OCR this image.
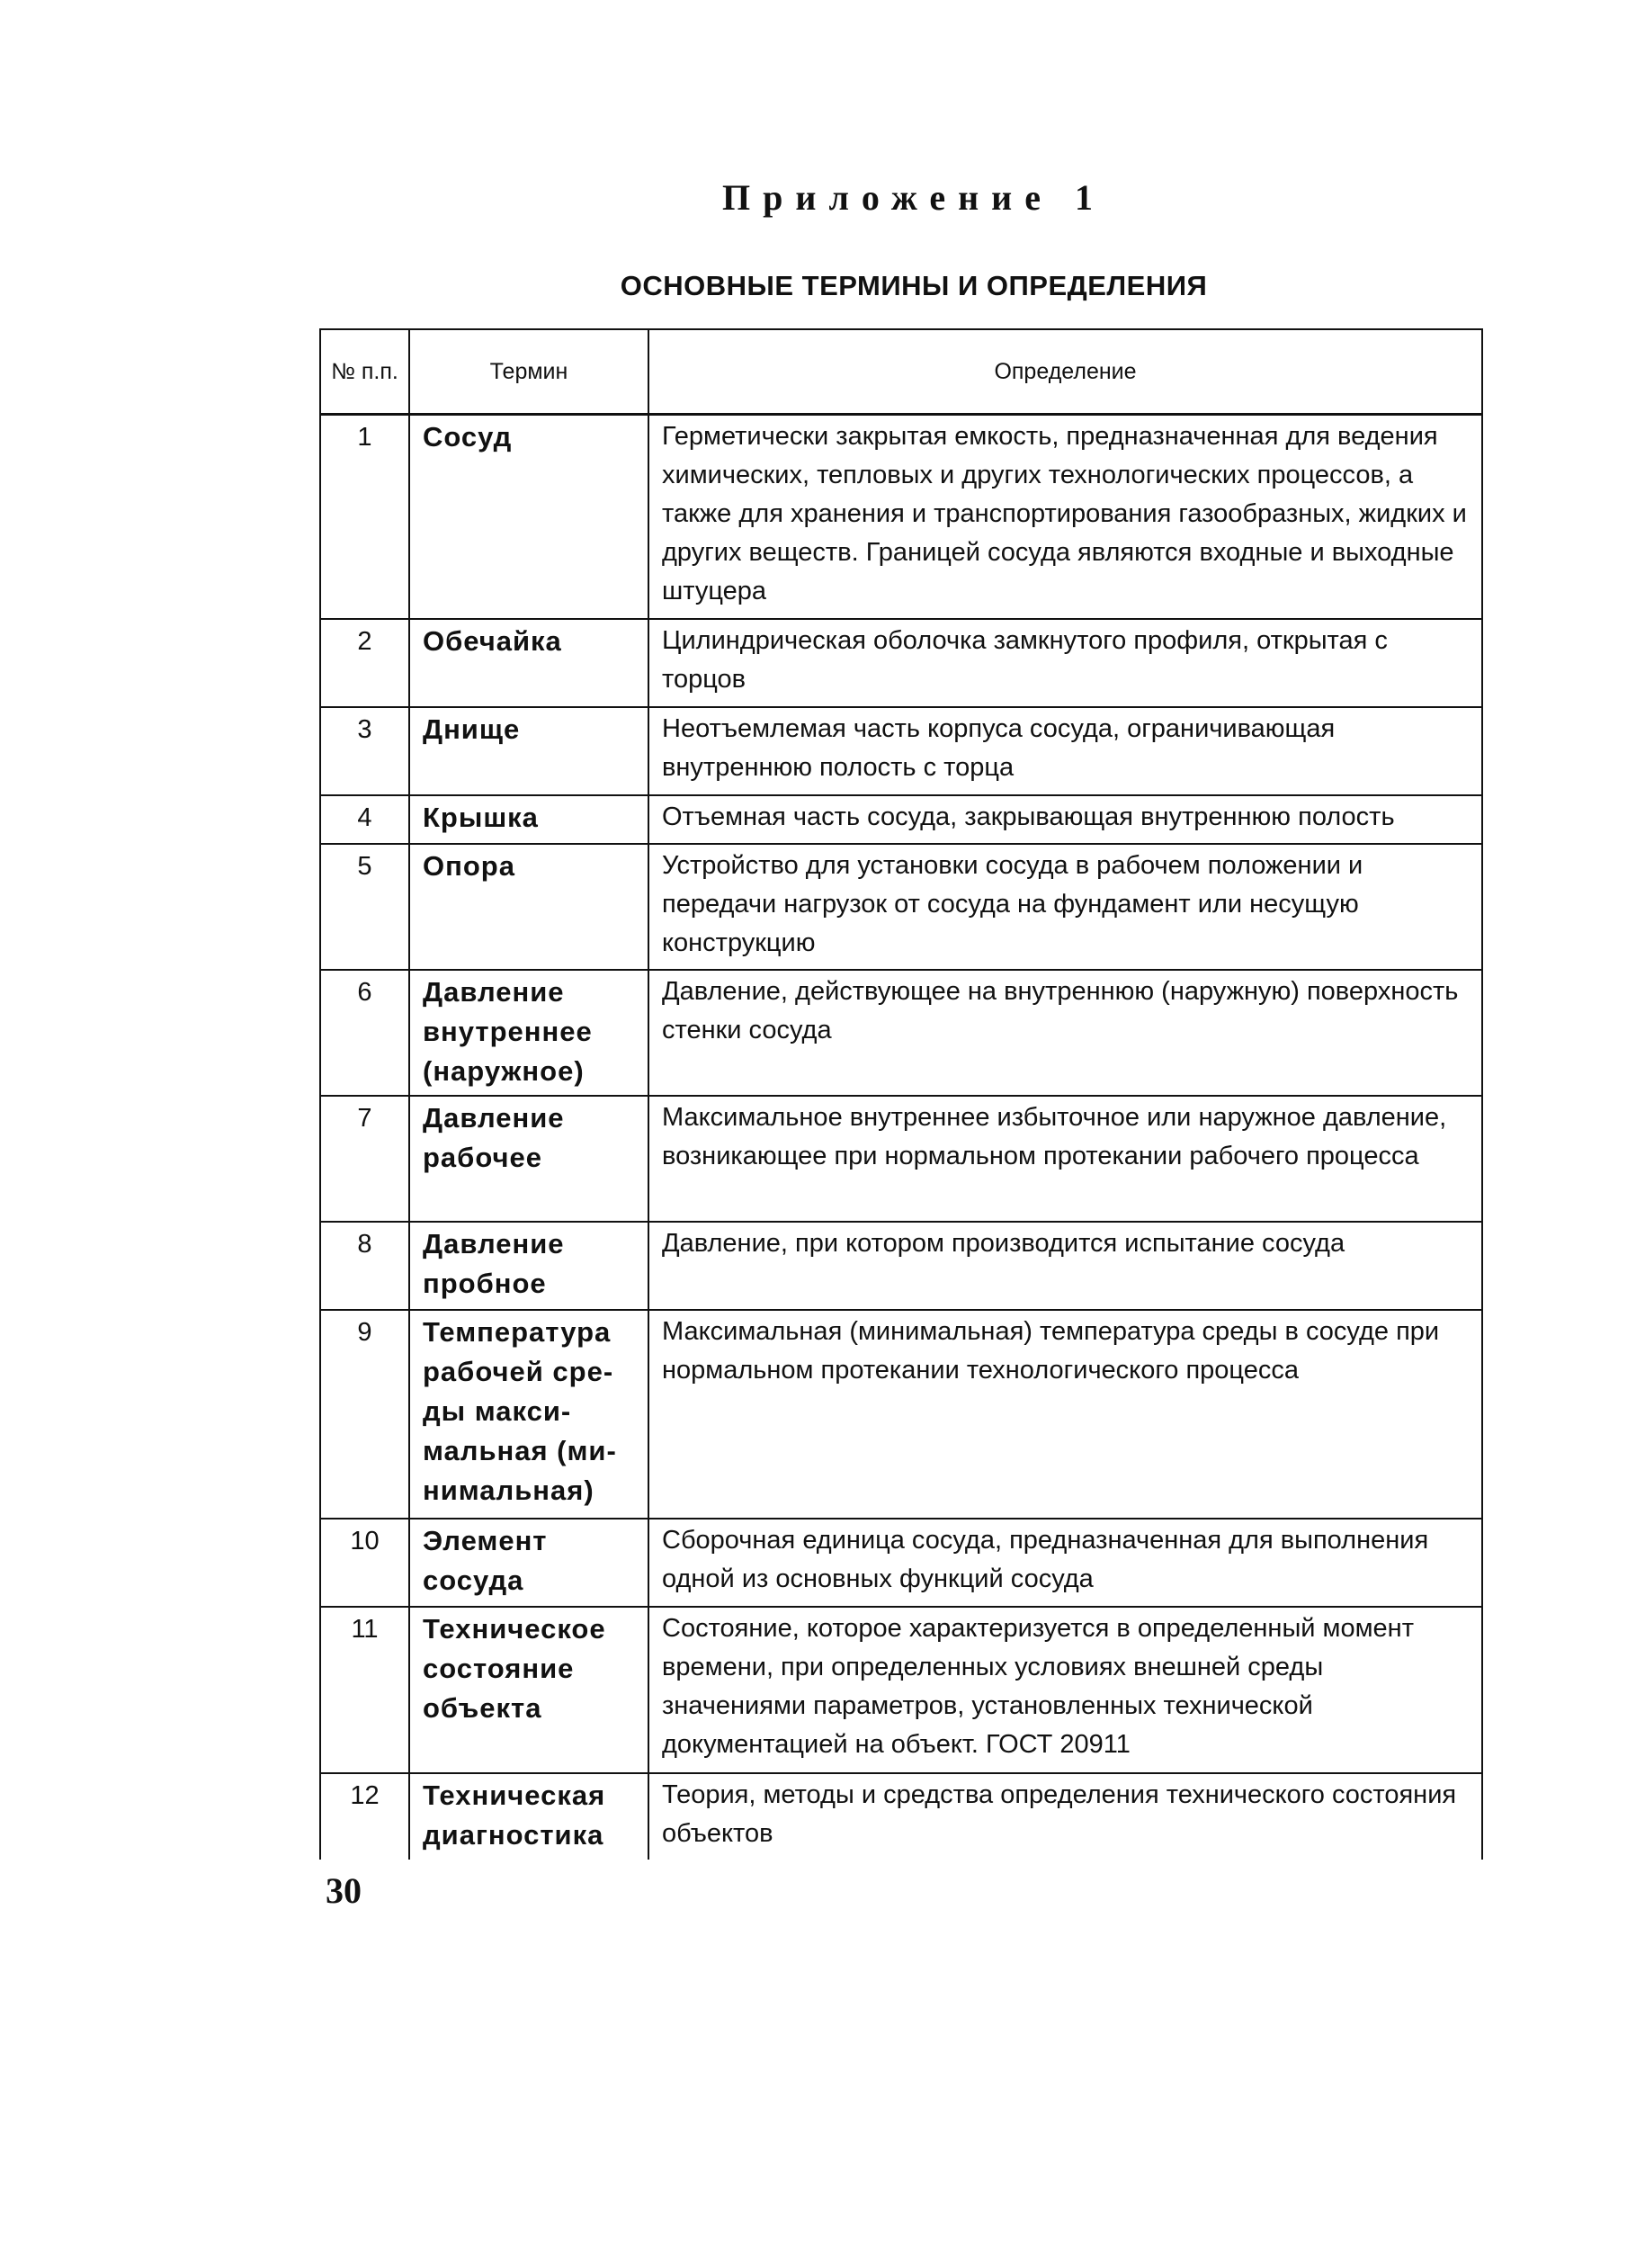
Приложение 1
ОСНОВНЫЕ ТЕРМИНЫ И ОПРЕДЕЛЕНИЯ
№ п.п.	Термин	Определение
1	Сосуд	Герметически закрытая емкость, предназначенная для ведения химических, тепловых и других технологических процессов, а также для хранения и транспортирования газообразных, жидких и других веществ. Границей сосуда являются входные и выходные штуцера
2	Обечайка	Цилиндрическая оболочка замкнутого профиля, открытая с торцов
3	Днище	Неотъемлемая часть корпуса сосуда, ограничивающая внутреннюю полость с торца
4	Крышка	Отъемная часть сосуда, закрывающая внутреннюю полость
5	Опора	Устройство для установки сосуда в рабочем положении и передачи нагрузок от сосуда на фундамент или несущую конструкцию
6	Давление внутреннее (наружное)	Давление, действующее на внутреннюю (наружную) поверхность стенки сосуда
7	Давление рабочее	Максимальное внутреннее избыточное или наружное давление, возникающее при нормальном протекании рабочего процесса
8	Давление пробное	Давление, при котором производится испытание сосуда
9	Температура рабочей сре-ды макси-мальная (ми-нимальная)	Максимальная (минимальная) температура среды в сосуде при нормальном протекании технологического процесса
10	Элемент сосуда	Сборочная единица сосуда, предназначенная для выполнения одной из основных функций сосуда
11	Техническое состояние объекта	Состояние, которое характеризуется в определенный момент времени, при определенных условиях внешней среды значениями параметров, установленных технической документацией на объект. ГОСТ 20911
12	Техническая диагностика	Теория, методы и средства определения технического состояния объектов
30
